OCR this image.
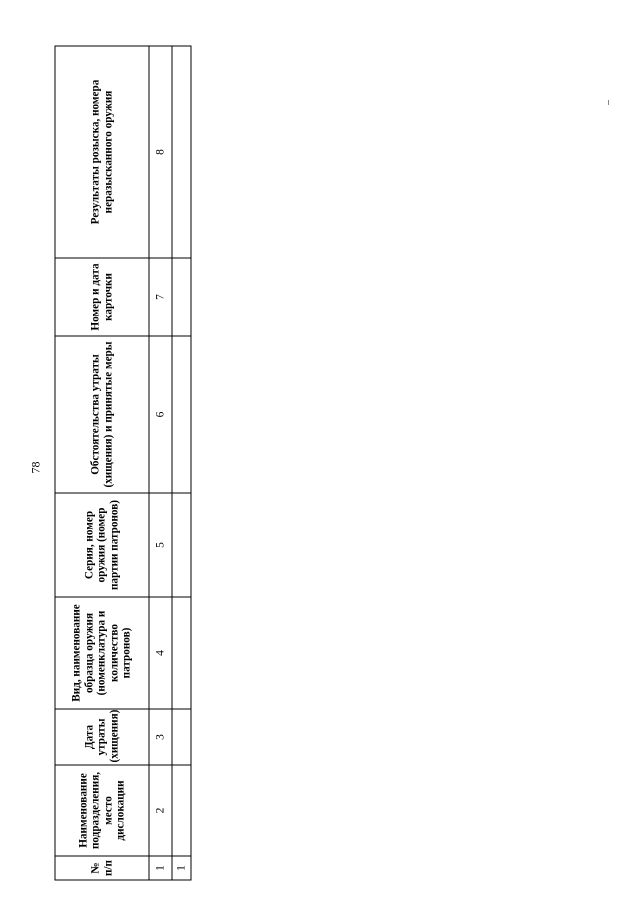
78
№ п/п	Наименование подразделения, место дислокации	Дата утраты (хищения)	Вид, наименование образца оружия (номенклатура и количество патронов)	Серия, номер оружия (номер партии патронов)	Обстоятельства утраты (хищения) и принятые меры	Номер и дата карточки	Результаты розыска, номера неразысканного оружия
1	2	3	4	5	6	7	8
1							
